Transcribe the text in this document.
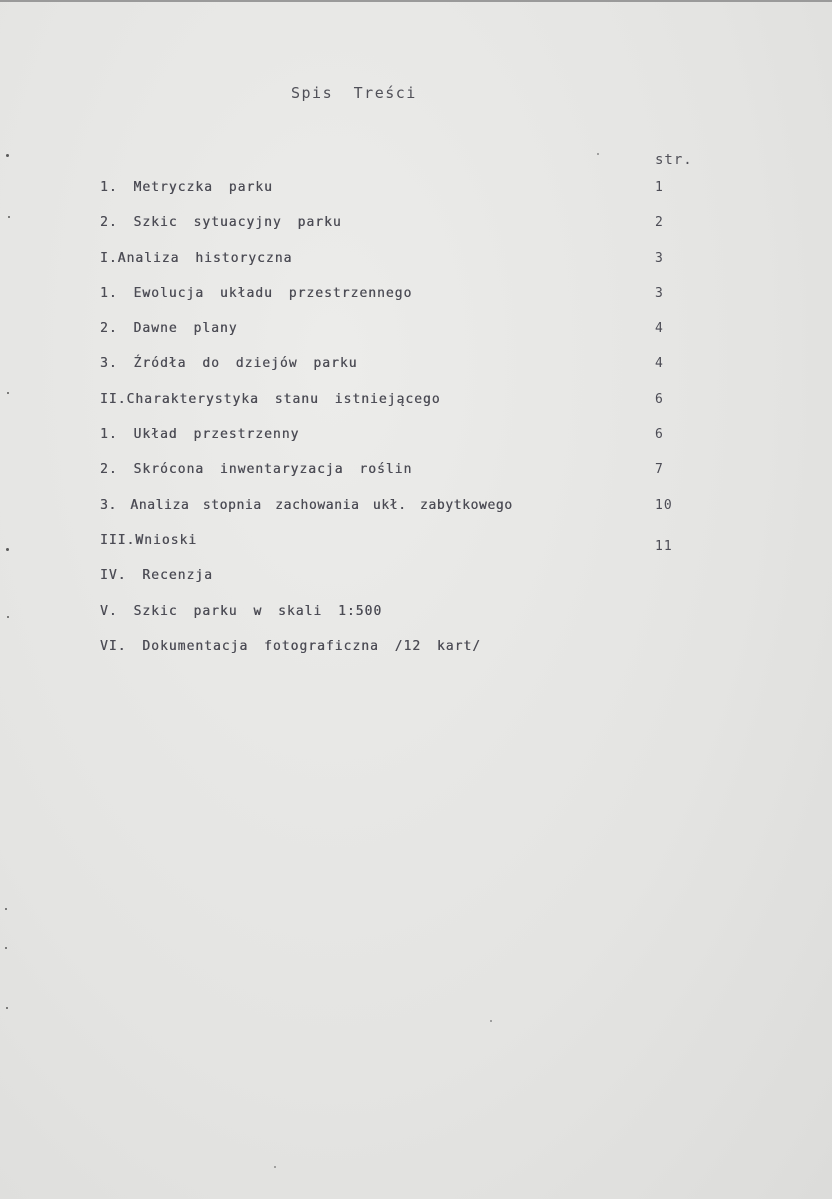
Spis Treści
str.
1. Metryczka parku	1
2. Szkic sytuacyjny parku	2
I.Analiza historyczna	3
1. Ewolucja układu przestrzennego	3
2. Dawne plany	4
3. Źródła do dziejów parku	4
II.Charakterystyka stanu istniejącego	6
1. Układ przestrzenny	6
2. Skrócona inwentaryzacja roślin	7
3. Analiza stopnia zachowania ukł. zabytkowego	10
III.Wnioski	11
IV. Recenzja
V. Szkic parku w skali 1:500
VI. Dokumentacja fotograficzna /12 kart/
